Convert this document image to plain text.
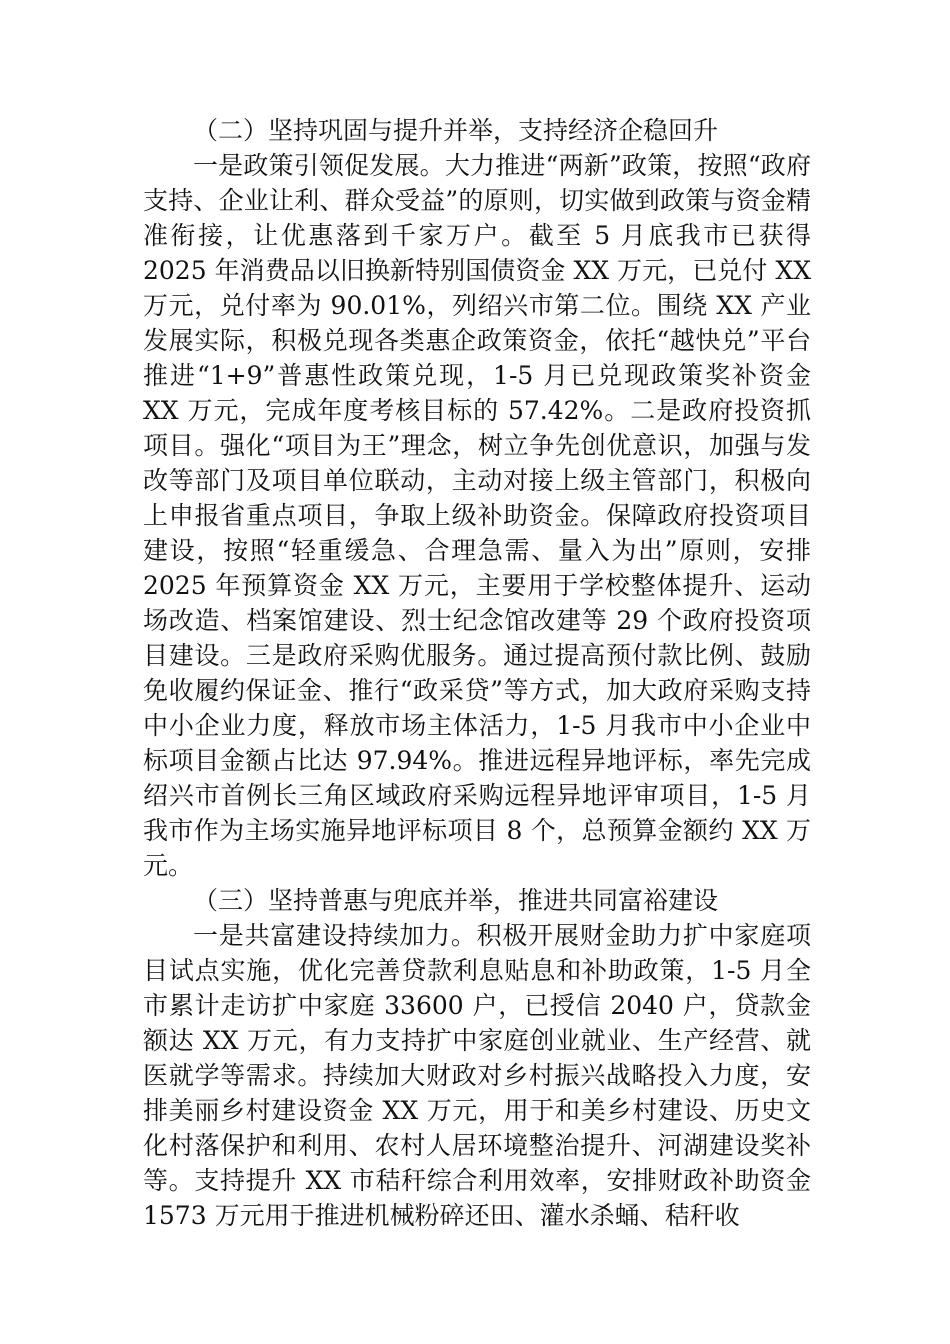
（二）坚持巩固与提升并举，支持经济企稳回升

一是政策引领促发展。大力推进“两新”政策，按照“政府支持、企业让利、群众受益”的原则，切实做到政策与资金精准衔接，让优惠落到千家万户。截至 5 月底我市已获得 2025 年消费品以旧换新特别国债资金 XX 万元，已兑付 XX 万元，兑付率为 90.01%，列绍兴市第二位。围绕 XX 产业发展实际，积极兑现各类惠企政策资金，依托“越快兑”平台推进“1+9”普惠性政策兑现，1-5 月已兑现政策奖补资金 XX 万元，完成年度考核目标的 57.42%。二是政府投资抓项目。强化“项目为王”理念，树立争先创优意识，加强与发改等部门及项目单位联动，主动对接上级主管部门，积极向上申报省重点项目，争取上级补助资金。保障政府投资项目建设，按照“轻重缓急、合理急需、量入为出”原则，安排 2025 年预算资金 XX 万元，主要用于学校整体提升、运动场改造、档案馆建设、烈士纪念馆改建等 29 个政府投资项目建设。三是政府采购优服务。通过提高预付款比例、鼓励免收履约保证金、推行“政采贷”等方式，加大政府采购支持中小企业力度，释放市场主体活力，1-5 月我市中小企业中标项目金额占比达 97.94%。推进远程异地评标，率先完成绍兴市首例长三角区域政府采购远程异地评审项目，1-5 月我市作为主场实施异地评标项目 8 个，总预算金额约 XX 万元。

（三）坚持普惠与兜底并举，推进共同富裕建设

一是共富建设持续加力。积极开展财金助力扩中家庭项目试点实施，优化完善贷款利息贴息和补助政策，1-5 月全市累计走访扩中家庭 33600 户，已授信 2040 户，贷款金额达 XX 万元，有力支持扩中家庭创业就业、生产经营、就医就学等需求。持续加大财政对乡村振兴战略投入力度，安排美丽乡村建设资金 XX 万元，用于和美乡村建设、历史文化村落保护和利用、农村人居环境整治提升、河湖建设奖补等。支持提升 XX 市秸秆综合利用效率，安排财政补助资金 1573 万元用于推进机械粉碎还田、灌水杀蛹、秸秆收
